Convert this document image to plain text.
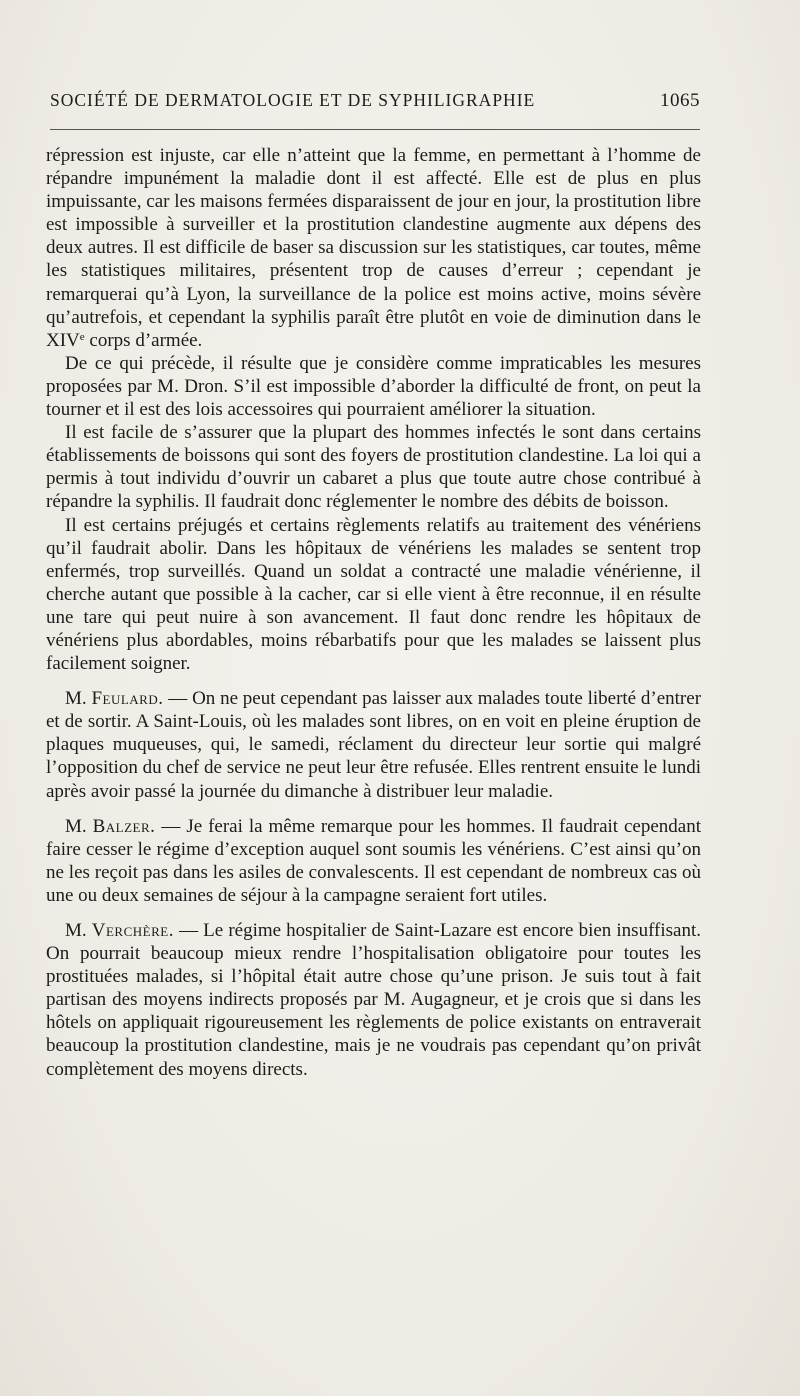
SOCIÉTÉ DE DERMATOLOGIE ET DE SYPHILIGRAPHIE	1065

répression est injuste, car elle n’atteint que la femme, en permettant à l’homme de répandre impunément la maladie dont il est affecté. Elle est de plus en plus impuissante, car les maisons fermées disparaissent de jour en jour, la prostitution libre est impossible à surveiller et la prostitution clandestine augmente aux dépens des deux autres. Il est difficile de baser sa discussion sur les statistiques, car toutes, même les statistiques militaires, présentent trop de causes d’erreur ; cependant je remarquerai qu’à Lyon, la surveillance de la police est moins active, moins sévère qu’autrefois, et cependant la syphilis paraît être plutôt en voie de diminution dans le XIVe corps d’armée.

De ce qui précède, il résulte que je considère comme impraticables les mesures proposées par M. Dron. S’il est impossible d’aborder la difficulté de front, on peut la tourner et il est des lois accessoires qui pourraient améliorer la situation.

Il est facile de s’assurer que la plupart des hommes infectés le sont dans certains établissements de boissons qui sont des foyers de prostitution clandestine. La loi qui a permis à tout individu d’ouvrir un cabaret a plus que toute autre chose contribué à répandre la syphilis. Il faudrait donc réglementer le nombre des débits de boisson.

Il est certains préjugés et certains règlements relatifs au traitement des vénériens qu’il faudrait abolir. Dans les hôpitaux de vénériens les malades se sentent trop enfermés, trop surveillés. Quand un soldat a contracté une maladie vénérienne, il cherche autant que possible à la cacher, car si elle vient à être reconnue, il en résulte une tare qui peut nuire à son avancement. Il faut donc rendre les hôpitaux de vénériens plus abordables, moins rébarbatifs pour que les malades se laissent plus facilement soigner.

M. Feulard. — On ne peut cependant pas laisser aux malades toute liberté d’entrer et de sortir. A Saint-Louis, où les malades sont libres, on en voit en pleine éruption de plaques muqueuses, qui, le samedi, réclament du directeur leur sortie qui malgré l’opposition du chef de service ne peut leur être refusée. Elles rentrent ensuite le lundi après avoir passé la journée du dimanche à distribuer leur maladie.

M. Balzer. — Je ferai la même remarque pour les hommes. Il faudrait cependant faire cesser le régime d’exception auquel sont soumis les vénériens. C’est ainsi qu’on ne les reçoit pas dans les asiles de convalescents. Il est cependant de nombreux cas où une ou deux semaines de séjour à la campagne seraient fort utiles.

M. Verchère. — Le régime hospitalier de Saint-Lazare est encore bien insuffisant. On pourrait beaucoup mieux rendre l’hospitalisation obligatoire pour toutes les prostituées malades, si l’hôpital était autre chose qu’une prison. Je suis tout à fait partisan des moyens indirects proposés par M. Augagneur, et je crois que si dans les hôtels on appliquait rigoureusement les règlements de police existants on entraverait beaucoup la prostitution clandestine, mais je ne voudrais pas cependant qu’on privât complètement des moyens directs.
